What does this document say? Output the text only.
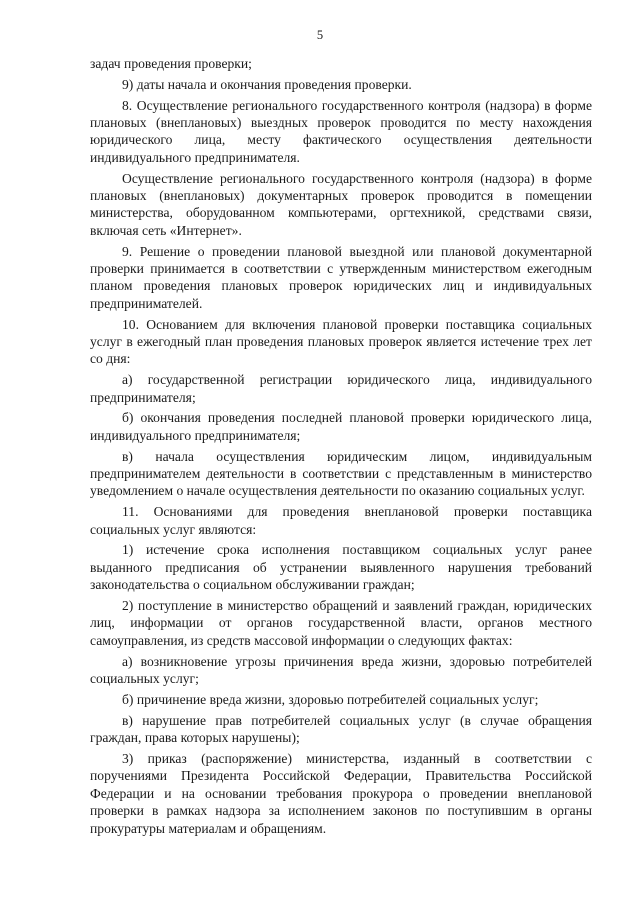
5

задач проведения проверки;

9) даты начала и окончания проведения проверки.

8. Осуществление регионального государственного контроля (надзора) в форме плановых (внеплановых) выездных проверок проводится по месту нахождения юридического лица, месту фактического осуществления деятельности индивидуального предпринимателя.

Осуществление регионального государственного контроля (надзора) в форме плановых (внеплановых) документарных проверок проводится в помещении министерства, оборудованном компьютерами, оргтехникой, средствами связи, включая сеть «Интернет».

9. Решение о проведении плановой выездной или плановой документарной проверки принимается в соответствии с утвержденным министерством ежегодным планом проведения плановых проверок юридических лиц и индивидуальных предпринимателей.

10. Основанием для включения плановой проверки поставщика социальных услуг в ежегодный план проведения плановых проверок является истечение трех лет со дня:

а) государственной регистрации юридического лица, индивидуального предпринимателя;

б) окончания проведения последней плановой проверки юридического лица, индивидуального предпринимателя;

в) начала осуществления юридическим лицом, индивидуальным предпринимателем деятельности в соответствии с представленным в министерство уведомлением о начале осуществления деятельности по оказанию социальных услуг.

11. Основаниями для проведения внеплановой проверки поставщика социальных услуг являются:

1) истечение срока исполнения поставщиком социальных услуг ранее выданного предписания об устранении выявленного нарушения требований законодательства о социальном обслуживании граждан;

2) поступление в министерство обращений и заявлений граждан, юридических лиц, информации от органов государственной власти, органов местного самоуправления, из средств массовой информации о следующих фактах:

а) возникновение угрозы причинения вреда жизни, здоровью потребителей социальных услуг;

б) причинение вреда жизни, здоровью потребителей социальных услуг;

в) нарушение прав потребителей социальных услуг (в случае обращения граждан, права которых нарушены);

3) приказ (распоряжение) министерства, изданный в соответствии с поручениями Президента Российской Федерации, Правительства Российской Федерации и на основании требования прокурора о проведении внеплановой проверки в рамках надзора за исполнением законов по поступившим в органы прокуратуры материалам и обращениям.
